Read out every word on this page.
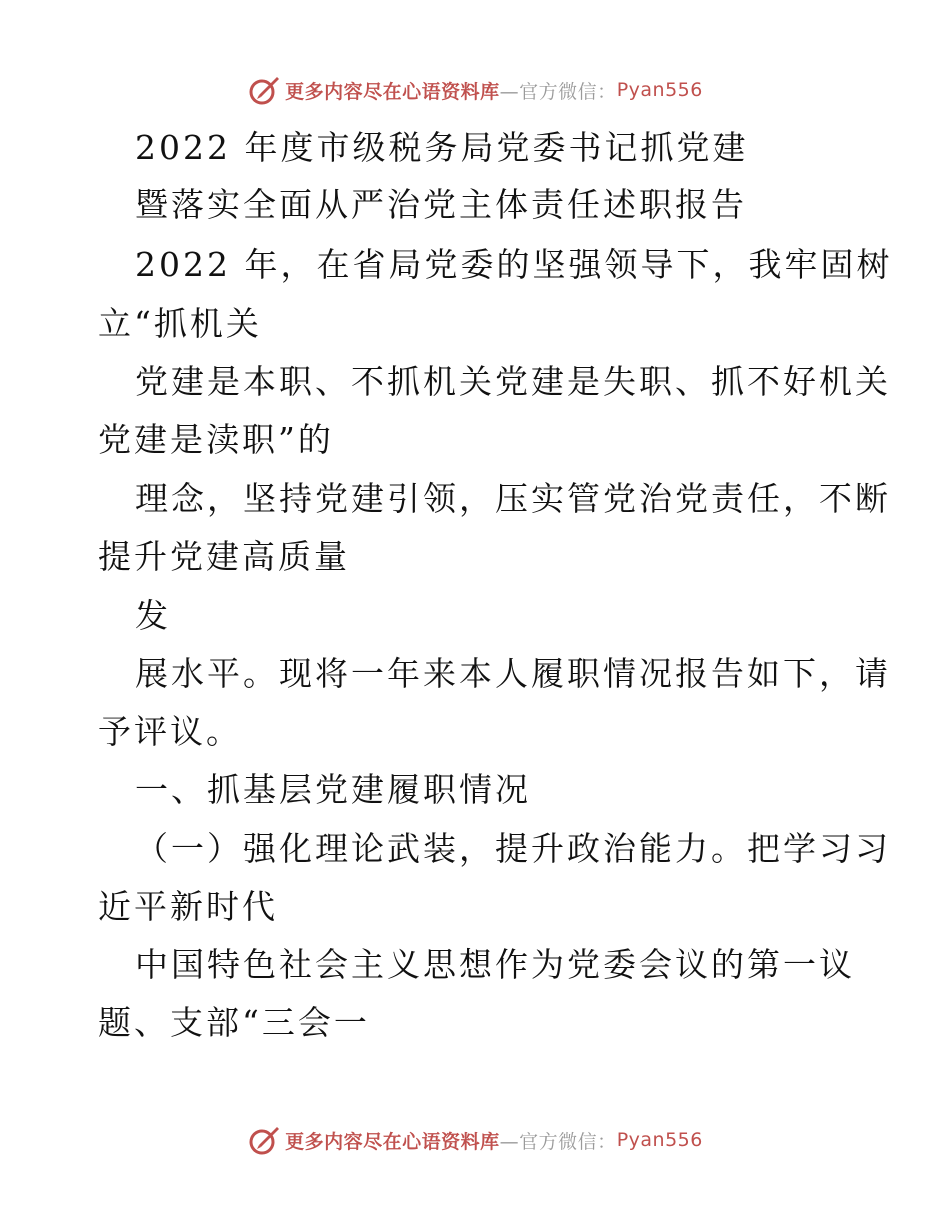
更多内容尽在心语资料库 —官方微信： Pyan556
2022 年度市级税务局党委书记抓党建
暨落实全面从严治党主体责任述职报告
2022 年，在省局党委的坚强领导下，我牢固树
立“抓机关
党建是本职、不抓机关党建是失职、抓不好机关
党建是渎职”的
理念，坚持党建引领，压实管党治党责任，不断
提升党建高质量
发
展水平。现将一年来本人履职情况报告如下，请
予评议。
一、抓基层党建履职情况
（一）强化理论武装，提升政治能力。把学习习
近平新时代
中国特色社会主义思想作为党委会议的第一议
题、支部“三会一
更多内容尽在心语资料库 —官方微信： Pyan556
